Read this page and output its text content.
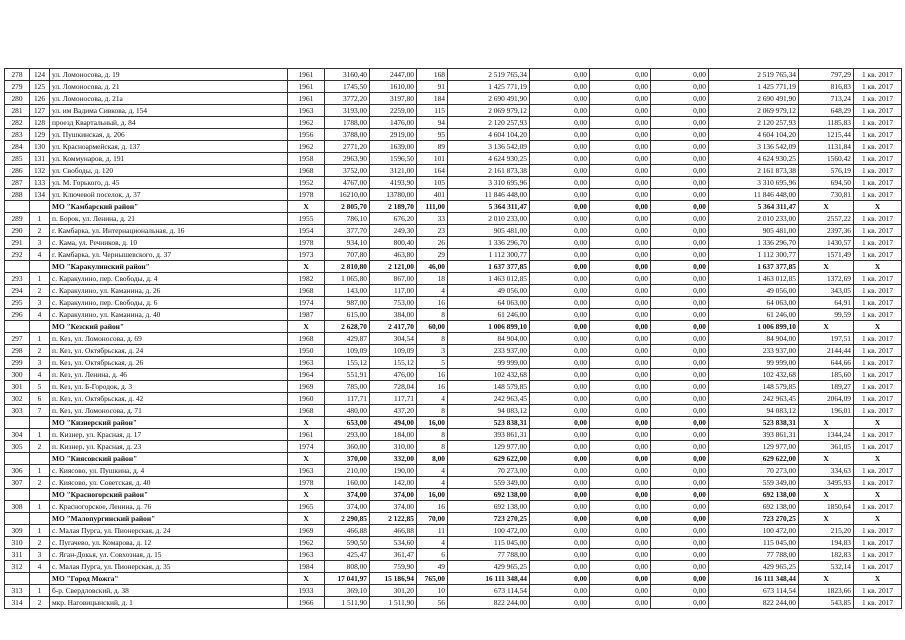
278	124	ул. Ломоносова, д. 19	1961	3160,40	2447,00	168	2 519 765,34	0,00	0,00	0,00	2 519 765,34	797,29	1 кв. 2017
279	125	ул. Ломоносова, д. 21	1961	1745,50	1610,00	91	1 425 771,19	0,00	0,00	0,00	1 425 771,19	816,83	1 кв. 2017
280	126	ул. Ломоносова, д. 21а	1961	3772,20	3197,80	184	2 690 491,90	0,00	0,00	0,00	2 690 491,90	713,24	1 кв. 2017
281	127	ул. им Вадима Сивкова, д. 154	1963	3193,00	2259,00	115	2 069 979,12	0,00	0,00	0,00	2 069 979,12	648,29	1 кв. 2017
282	128	проезд Квартальный, д. 84	1962	1788,00	1476,00	94	2 120 257,93	0,00	0,00	0,00	2 120 257,93	1185,83	1 кв. 2017
283	129	ул. Пушкинская, д. 206	1956	3788,00	2919,00	95	4 604 104,20	0,00	0,00	0,00	4 604 104,20	1215,44	1 кв. 2017
284	130	ул. Красноармейская, д. 137	1962	2771,20	1639,00	89	3 136 542,09	0,00	0,00	0,00	3 136 542,09	1131,84	1 кв. 2017
285	131	ул. Коммунаров, д. 191	1958	2963,90	1596,50	101	4 624 930,25	0,00	0,00	0,00	4 624 930,25	1560,42	1 кв. 2017
286	132	ул. Свободы, д. 120	1968	3752,00	3121,00	164	2 161 873,38	0,00	0,00	0,00	2 161 873,38	576,19	1 кв. 2017
287	133	ул. М. Горького, д. 45	1952	4767,00	4193,90	105	3 310 695,96	0,00	0,00	0,00	3 310 695,96	694,50	1 кв. 2017
288	134	ул. Ключевой поселок, д. 37	1978	16210,00	13780,00	401	11 846 448,00	0,00	0,00	0,00	11 846 448,00	730,81	1 кв. 2017
		МО "Камбарский район"	X	2 805,70	2 189,70	111,00	5 364 311,47	0,00	0,00	0,00	5 364 311,47	X	X
289	1	п. Борок, ул. Ленина, д. 21	1955	786,10	676,20	33	2 010 233,00	0,00	0,00	0,00	2 010 233,00	2557,22	1 кв. 2017
290	2	г. Камбарка, ул. Интернациональная, д. 16	1954	377,70	249,30	23	905 481,00	0,00	0,00	0,00	905 481,00	2397,36	1 кв. 2017
291	3	с. Кама, ул. Речников, д. 10	1978	934,10	800,40	26	1 336 296,70	0,00	0,00	0,00	1 336 296,70	1430,57	1 кв. 2017
292	4	г. Камбарка, ул. Чернышевского, д. 37	1973	707,80	463,80	29	1 112 300,77	0,00	0,00	0,00	1 112 300,77	1571,49	1 кв. 2017
		МО "Каракулинский район"	X	2 810,80	2 121,00	46,00	1 637 377,85	0,00	0,00	0,00	1 637 377,85	X	X
293	1	с. Каракулино, пер. Свободы, д. 4	1982	1 065,80	867,00	18	1 463 012,85	0,00	0,00	0,00	1 463 012,85	1372,69	1 кв. 2017
294	2	с. Каракулино, ул. Каманина, д. 26	1968	143,00	117,00	4	49 056,00	0,00	0,00	0,00	49 056,00	343,05	1 кв. 2017
295	3	с. Каракулино, пер. Свободы, д. 6	1974	987,00	753,00	16	64 063,00	0,00	0,00	0,00	64 063,00	64,91	1 кв. 2017
296	4	с. Каракулино, ул. Каманина, д. 40	1987	615,00	384,00	8	61 246,00	0,00	0,00	0,00	61 246,00	99,59	1 кв. 2017
		МО "Кезский район"	X	2 628,70	2 417,70	60,00	1 006 899,10	0,00	0,00	0,00	1 006 899,10	X	X
297	1	п. Кез, ул. Ломоносова, д. 69	1968	429,87	304,54	8	84 904,00	0,00	0,00	0,00	84 904,00	197,51	1 кв. 2017
298	2	п. Кез, ул. Октябрьская, д. 24	1950	109,09	109,09	3	233 937,00	0,00	0,00	0,00	233 937,00	2144,44	1 кв. 2017
299	3	п. Кез, ул. Октябрьская, д. 26	1963	155,12	155,12	5	99 999,00	0,00	0,00	0,00	99 999,00	644,66	1 кв. 2017
300	4	п. Кез, ул. Ленина, д. 46	1964	551,91	476,00	16	102 432,68	0,00	0,00	0,00	102 432,68	185,60	1 кв. 2017
301	5	п. Кез, ул. Б-Городок, д. 3	1969	785,00	728,04	16	148 579,85	0,00	0,00	0,00	148 579,85	189,27	1 кв. 2017
302	6	п. Кез, ул. Октябрьская, д. 42	1960	117,71	117,71	4	242 963,45	0,00	0,00	0,00	242 963,45	2064,09	1 кв. 2017
303	7	п. Кез, ул. Ломоносова, д. 71	1968	480,00	437,20	8	94 083,12	0,00	0,00	0,00	94 083,12	196,01	1 кв. 2017
		МО "Кизнерский район"	X	653,00	494,00	16,00	523 838,31	0,00	0,00	0,00	523 838,31	X	X
304	1	п. Кизнер, ул. Красная, д. 17	1961	293,00	184,00	8	393 861,31	0,00	0,00	0,00	393 861,31	1344,24	1 кв. 2017
305	2	п. Кизнер, ул. Красная, д. 23	1974	360,00	310,00	8	129 977,00	0,00	0,00	0,00	129 977,00	361,05	1 кв. 2017
		МО "Киясовский район"	X	370,00	332,00	8,00	629 622,00	0,00	0,00	0,00	629 622,00	X	X
306	1	с. Киясово, ул. Пушкина, д. 4	1963	210,00	190,00	4	70 273,00	0,00	0,00	0,00	70 273,00	334,63	1 кв. 2017
307	2	с. Киясово, ул. Советская, д. 40	1978	160,00	142,00	4	559 349,00	0,00	0,00	0,00	559 349,00	3495,93	1 кв. 2017
		МО "Красногорский район"	X	374,00	374,00	16,00	692 138,00	0,00	0,00	0,00	692 138,00	X	X
308	1	с. Красногорское, Ленина, д. 76	1965	374,00	374,00	16	692 138,00	0,00	0,00	0,00	692 138,00	1850,64	1 кв. 2017
		МО "Малопургинский район"	X	2 290,85	2 122,85	70,00	723 270,25	0,00	0,00	0,00	723 270,25	X	X
309	1	с. Малая Пурга, ул. Пионерская, д. 24	1969	466,88	466,88	11	100 472,00	0,00	0,00	0,00	100 472,00	215,20	1 кв. 2017
310	2	с. Пугачево, ул. Комарова, д. 12	1962	590,50	534,60	4	115 045,00	0,00	0,00	0,00	115 045,00	194,83	1 кв. 2017
311	3	с. Яган-Докья, ул. Совхозная, д. 15	1963	425,47	361,47	6	77 788,00	0,00	0,00	0,00	77 788,00	182,83	1 кв. 2017
312	4	с. Малая Пурга, ул. Пионерская, д. 35	1984	808,00	759,90	49	429 965,25	0,00	0,00	0,00	429 965,25	532,14	1 кв. 2017
		МО "Город Можга"	X	17 041,97	15 186,94	765,00	16 111 348,44	0,00	0,00	0,00	16 111 348,44	X	X
313	1	б-р. Свердловский, д. 38	1933	369,10	301,20	10	673 114,54	0,00	0,00	0,00	673 114,54	1823,66	1 кв. 2017
314	2	мкр. Наговицынский, д. 1	1966	1 511,90	1 511,90	56	822 244,00	0,00	0,00	0,00	822 244,00	543,85	1 кв. 2017
